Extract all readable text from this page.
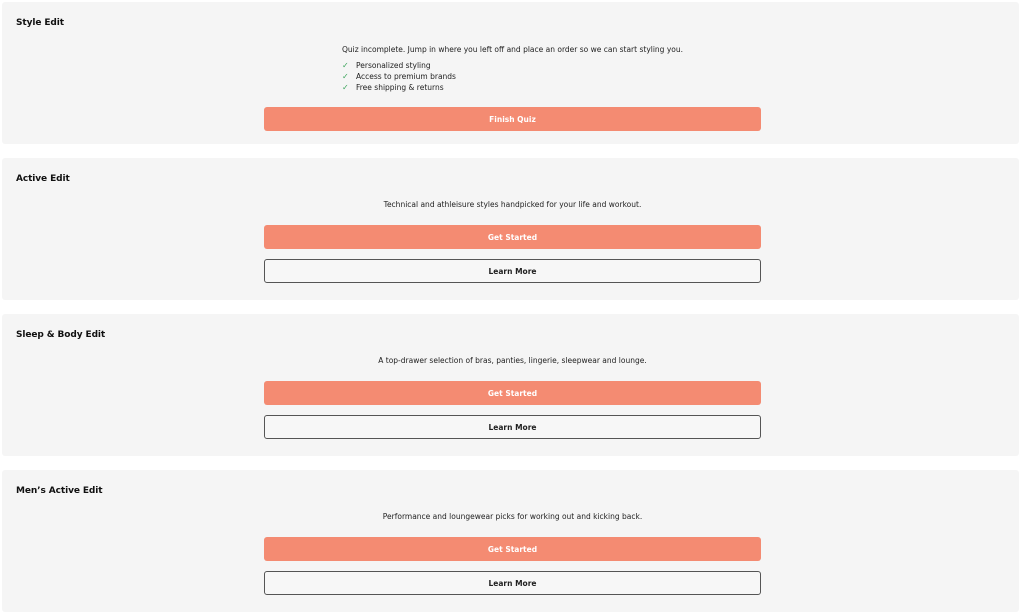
Style Edit

Quiz incomplete. Jump in where you left off and place an order so we can start styling you.

✓ Personalized styling
✓ Access to premium brands
✓ Free shipping & returns
Finish Quiz
Active Edit

Technical and athleisure styles handpicked for your life and workout.

Get Started
Learn More
Sleep & Body Edit

A top-drawer selection of bras, panties, lingerie, sleepwear and lounge.

Get Started
Learn More
Men’s Active Edit

Performance and loungewear picks for working out and kicking back.

Get Started
Learn More
